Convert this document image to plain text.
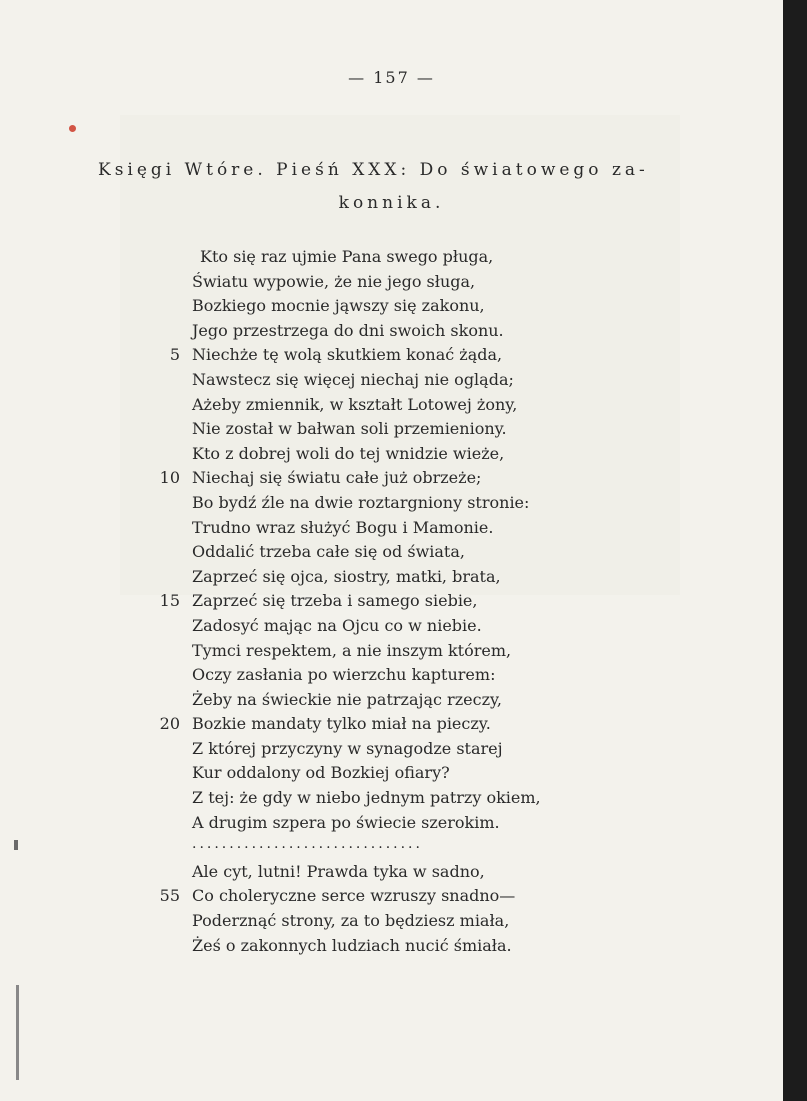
— 157 —
Księgi Wtóre. Pieśń XXX: Do światowego za-
konnika.
Kto się raz ujmie Pana swego pługa,
Światu wypowie, że nie jego sługa,
Bozkiego mocnie jąwszy się zakonu,
Jego przestrzega do dni swoich skonu.
5 Niechże tę wolą skutkiem konać żąda,
Nawstecz się więcej niechaj nie ogląda;
Ażeby zmiennik, w kształt Lotowej żony,
Nie został w bałwan soli przemieniony.
Kto z dobrej woli do tej wnidzie wieże,
10 Niechaj się światu całe już obrzeże;
Bo bydź źle na dwie roztargniony stronie:
Trudno wraz służyć Bogu i Mamonie.
Oddalić trzeba całe się od świata,
Zaprzeć się ojca, siostry, matki, brata,
15 Zaprzeć się trzeba i samego siebie,
Zadosyć mając na Ojcu co w niebie.
Tymci respektem, a nie inszym którem,
Oczy zasłania po wierzchu kapturem:
Żeby na świeckie nie patrzając rzeczy,
20 Bozkie mandaty tylko miał na pieczy.
Z której przyczyny w synagodze starej
Kur oddalony od Bozkiej ofiary?
Z tej: że gdy w niebo jednym patrzy okiem,
A drugim szpera po świecie szerokim.
...............................
Ale cyt, lutni! Prawda tyka w sadno,
55 Co choleryczne serce wzruszy snadno—
Poderznąć strony, za to będziesz miała,
Żeś o zakonnych ludziach nucić śmiała.
